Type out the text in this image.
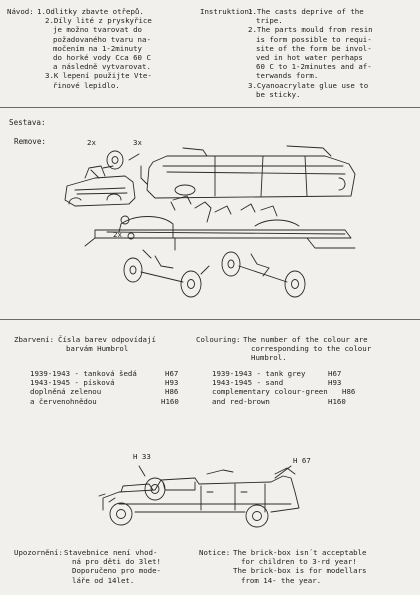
Návod: 1.Odlitky zbavte otřepů.
2.Díly lité z pryskyřice
je možno tvarovat do
požadovaného tvaru na-
močením na 1-2minuty
do horké vody Cca 60 C
a následně vytvarovat.
3.K lepení použijte Vte-
řinové lepidlo.
Instruktion:
1.The casts deprive of the
tripe.
2.The parts mould from resin
is form possible to requi-
site of the form be invol-
ved in hot water perhaps
60 C to 1-2minutes and af-
terwands form.
3.Cyanoacrylate glue use to
be sticky.
Sestava:
Remove:	2x	3x
2x
Zbarvení: Čísla barev odpovídají
barvám Humbrol
1939-1943 - tanková šedá	H67
1943-1945 - písková	H93
doplněná zelenou	H86
a červenohnědou	H160
Colouring: The number of the colour are
corresponding to the colour
Humbrol.
1939-1943 - tank grey	H67
1943-1945 - sand	H93
complementary colour-green H86
and red-brown	H160
H 33	H 67
Upozornění: Stavebnice není vhod-
ná pro děti do 3let!
Doporučeno pro mode-
láře od 14let.
Notice: The brick-box isn´t acceptable
for children to 3-rd year!
The brick-box is for modellars
from 14- the year.
